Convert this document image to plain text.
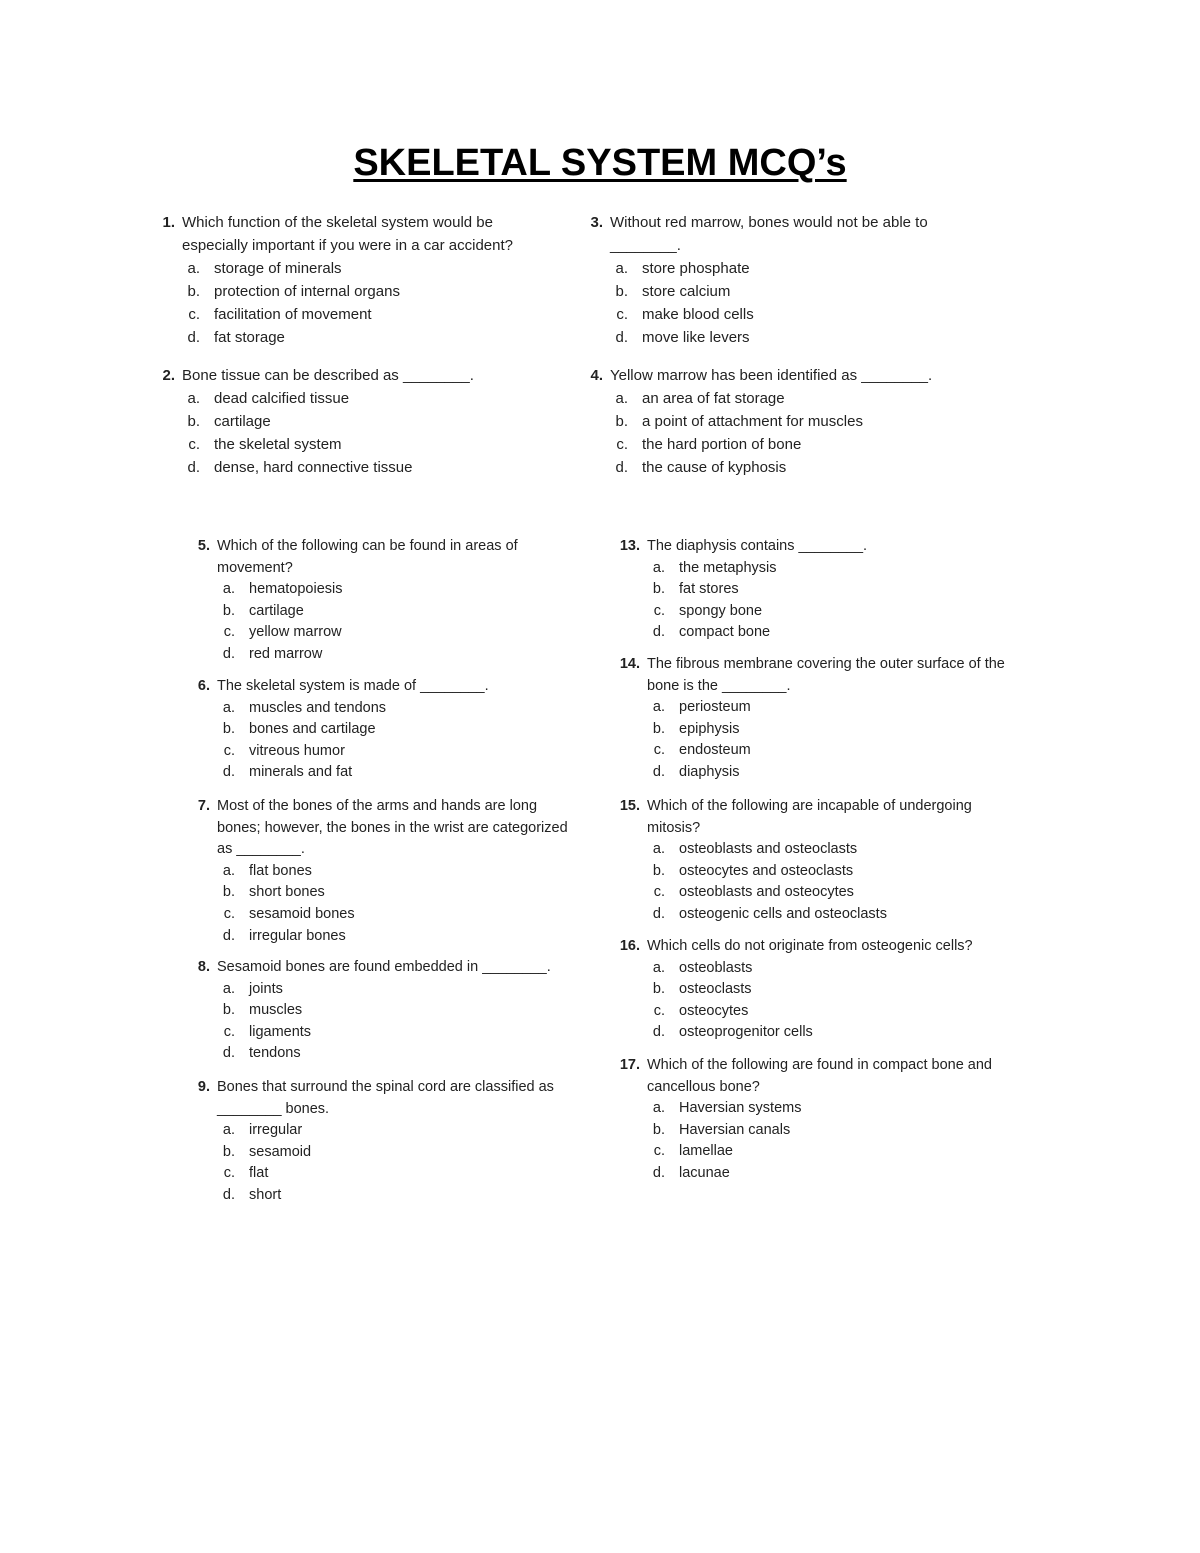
SKELETAL SYSTEM MCQ’s
1. Which function of the skeletal system would be especially important if you were in a car accident?
a. storage of minerals
b. protection of internal organs
c. facilitation of movement
d. fat storage
2. Bone tissue can be described as ________.
a. dead calcified tissue
b. cartilage
c. the skeletal system
d. dense, hard connective tissue
3. Without red marrow, bones would not be able to ________.
a. store phosphate
b. store calcium
c. make blood cells
d. move like levers
4. Yellow marrow has been identified as ________.
a. an area of fat storage
b. a point of attachment for muscles
c. the hard portion of bone
d. the cause of kyphosis
5. Which of the following can be found in areas of movement?
a. hematopoiesis
b. cartilage
c. yellow marrow
d. red marrow
6. The skeletal system is made of ________.
a. muscles and tendons
b. bones and cartilage
c. vitreous humor
d. minerals and fat
7. Most of the bones of the arms and hands are long bones; however, the bones in the wrist are categorized as ________.
a. flat bones
b. short bones
c. sesamoid bones
d. irregular bones
8. Sesamoid bones are found embedded in ________.
a. joints
b. muscles
c. ligaments
d. tendons
9. Bones that surround the spinal cord are classified as ________ bones.
a. irregular
b. sesamoid
c. flat
d. short
13. The diaphysis contains ________.
a. the metaphysis
b. fat stores
c. spongy bone
d. compact bone
14. The fibrous membrane covering the outer surface of the bone is the ________.
a. periosteum
b. epiphysis
c. endosteum
d. diaphysis
15. Which of the following are incapable of undergoing mitosis?
a. osteoblasts and osteoclasts
b. osteocytes and osteoclasts
c. osteoblasts and osteocytes
d. osteogenic cells and osteoclasts
16. Which cells do not originate from osteogenic cells?
a. osteoblasts
b. osteoclasts
c. osteocytes
d. osteoprogenitor cells
17. Which of the following are found in compact bone and cancellous bone?
a. Haversian systems
b. Haversian canals
c. lamellae
d. lacunae
